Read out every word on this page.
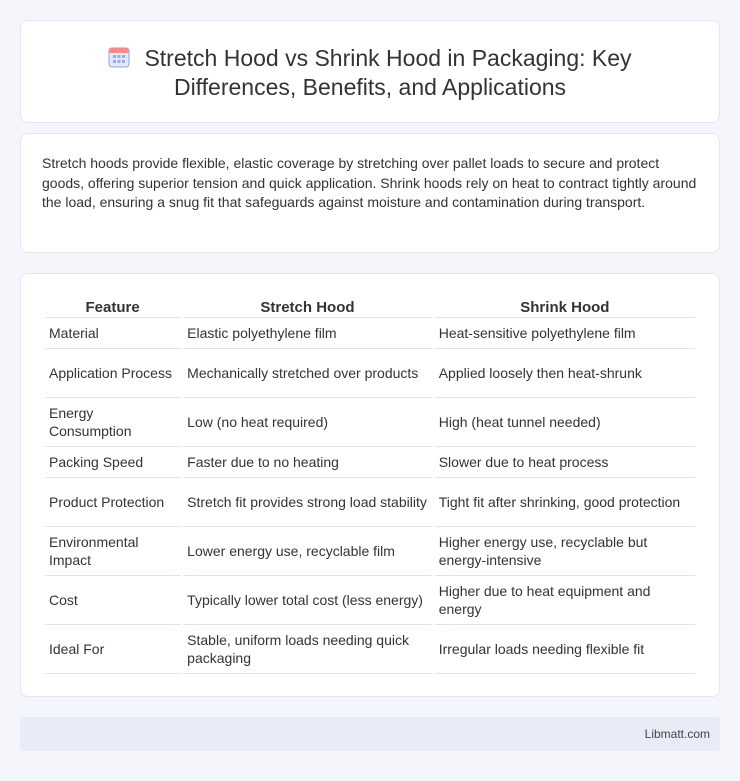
Stretch Hood vs Shrink Hood in Packaging: Key Differences, Benefits, and Applications

Stretch hoods provide flexible, elastic coverage by stretching over pallet loads to secure and protect goods, offering superior tension and quick application. Shrink hoods rely on heat to contract tightly around the load, ensuring a snug fit that safeguards against moisture and contamination during transport.

Feature	Stretch Hood	Shrink Hood
Material	Elastic polyethylene film	Heat-sensitive polyethylene film
Application Process	Mechanically stretched over products	Applied loosely then heat-shrunk
Energy Consumption	Low (no heat required)	High (heat tunnel needed)
Packing Speed	Faster due to no heating	Slower due to heat process
Product Protection	Stretch fit provides strong load stability	Tight fit after shrinking, good protection
Environmental Impact	Lower energy use, recyclable film	Higher energy use, recyclable but energy-intensive
Cost	Typically lower total cost (less energy)	Higher due to heat equipment and energy
Ideal For	Stable, uniform loads needing quick packaging	Irregular loads needing flexible fit
Libmatt.com
